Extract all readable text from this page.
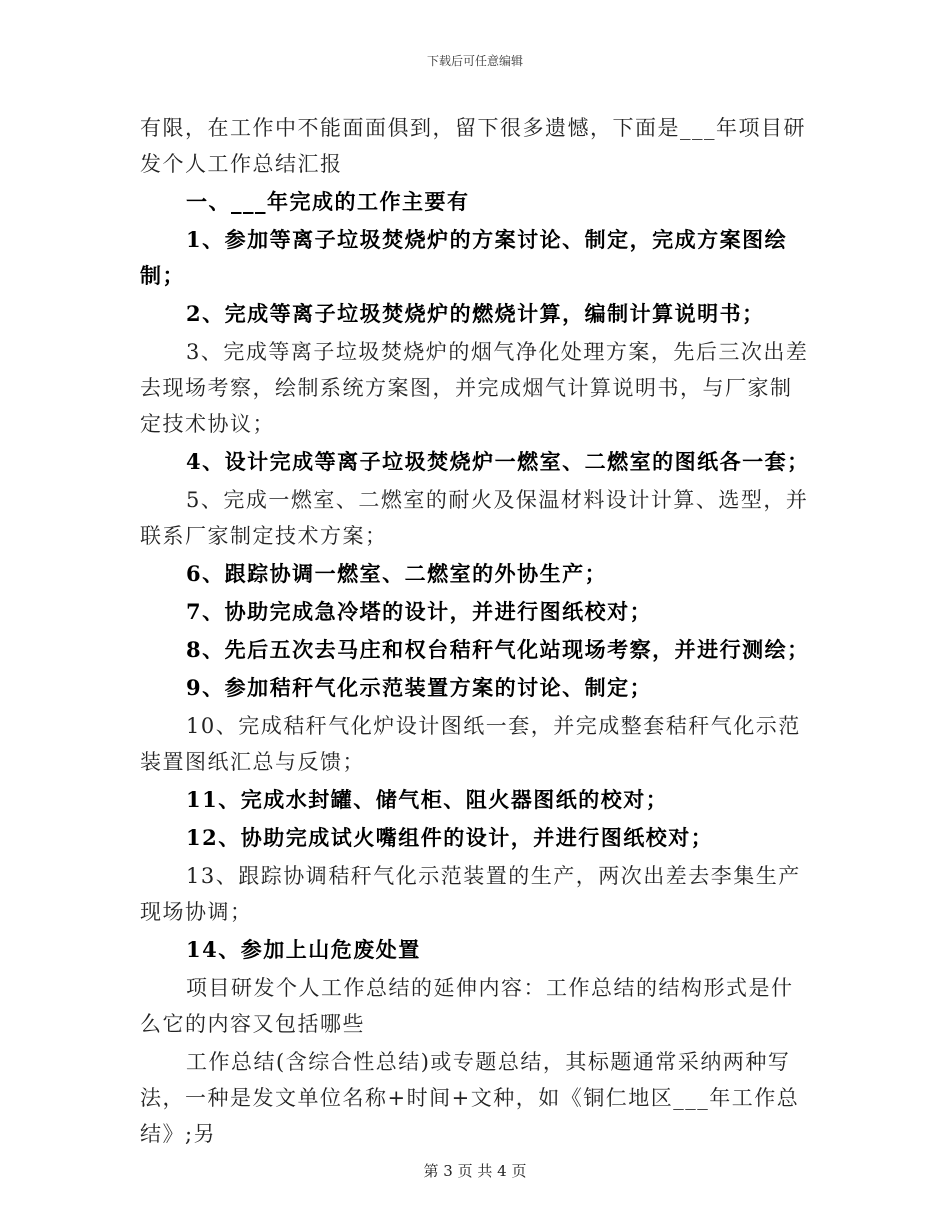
下载后可任意编辑

有限，在工作中不能面面俱到，留下很多遗憾，下面是___年项目研发个人工作总结汇报

一、___年完成的工作主要有

1、参加等离子垃圾焚烧炉的方案讨论、制定，完成方案图绘制；

2、完成等离子垃圾焚烧炉的燃烧计算，编制计算说明书；

3、完成等离子垃圾焚烧炉的烟气净化处理方案，先后三次出差去现场考察，绘制系统方案图，并完成烟气计算说明书，与厂家制定技术协议；

4、设计完成等离子垃圾焚烧炉一燃室、二燃室的图纸各一套；

5、完成一燃室、二燃室的耐火及保温材料设计计算、选型，并联系厂家制定技术方案；

6、跟踪协调一燃室、二燃室的外协生产；

7、协助完成急冷塔的设计，并进行图纸校对；

8、先后五次去马庄和权台秸秆气化站现场考察，并进行测绘；

9、参加秸秆气化示范装置方案的讨论、制定；

10、完成秸秆气化炉设计图纸一套，并完成整套秸秆气化示范装置图纸汇总与反馈；

11、完成水封罐、储气柜、阻火器图纸的校对；

12、协助完成试火嘴组件的设计，并进行图纸校对；

13、跟踪协调秸秆气化示范装置的生产，两次出差去李集生产现场协调；

14、参加上山危废处置

项目研发个人工作总结的延伸内容：工作总结的结构形式是什么它的内容又包括哪些

工作总结(含综合性总结)或专题总结，其标题通常采纳两种写法，一种是发文单位名称+时间+文种，如《铜仁地区___年工作总结》;另

第 3 页 共 4 页
